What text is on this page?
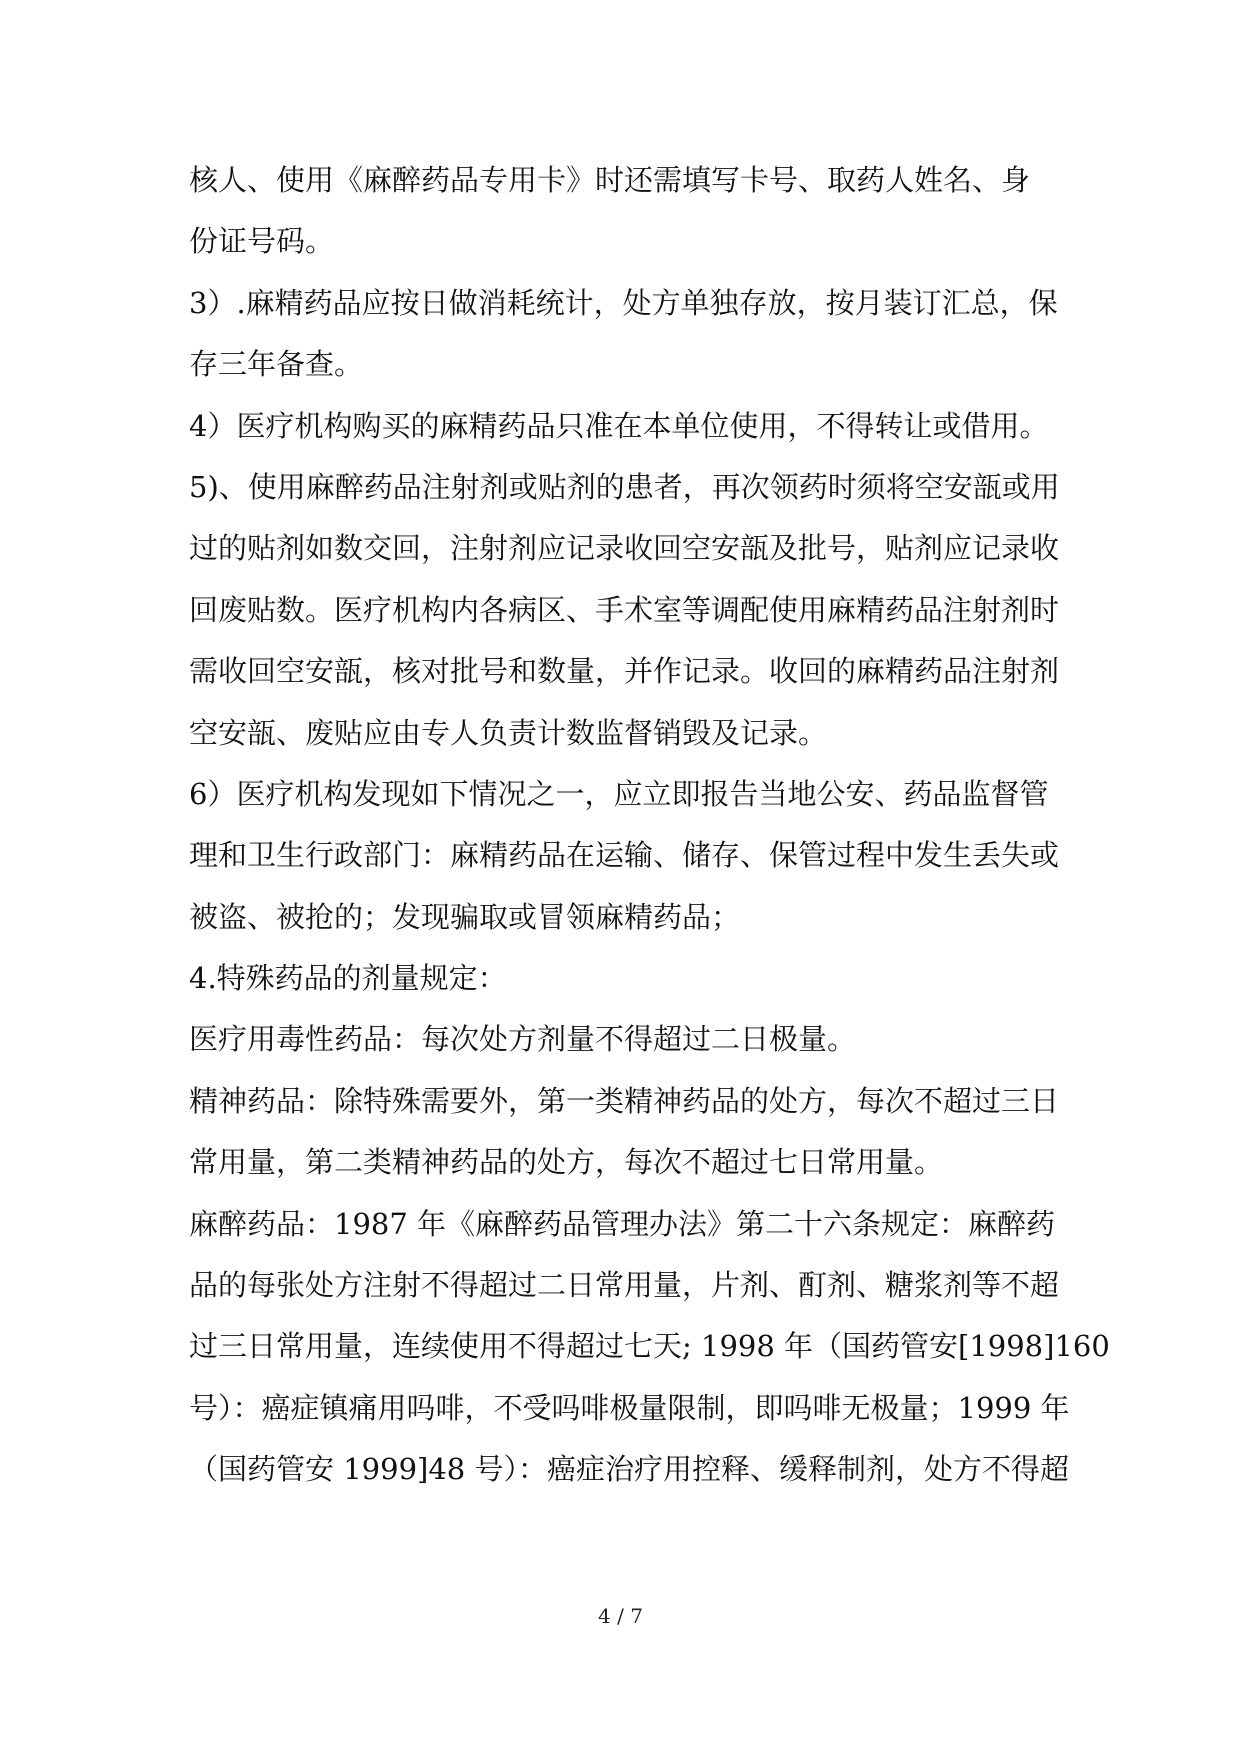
核人、使用《麻醉药品专用卡》时还需填写卡号、取药人姓名、身
份证号码。
3）.麻精药品应按日做消耗统计，处方单独存放，按月装订汇总，保
存三年备查。
4）医疗机构购买的麻精药品只准在本单位使用，不得转让或借用。
5)、使用麻醉药品注射剂或贴剂的患者，再次领药时须将空安瓿或用
过的贴剂如数交回，注射剂应记录收回空安瓿及批号，贴剂应记录收
回废贴数。医疗机构内各病区、手术室等调配使用麻精药品注射剂时
需收回空安瓿，核对批号和数量，并作记录。收回的麻精药品注射剂
空安瓿、废贴应由专人负责计数监督销毁及记录。
6）医疗机构发现如下情况之一，应立即报告当地公安、药品监督管
理和卫生行政部门：麻精药品在运输、储存、保管过程中发生丢失或
被盗、被抢的；发现骗取或冒领麻精药品；
4.特殊药品的剂量规定：
医疗用毒性药品：每次处方剂量不得超过二日极量。
精神药品：除特殊需要外，第一类精神药品的处方，每次不超过三日
常用量，第二类精神药品的处方，每次不超过七日常用量。
麻醉药品：1987 年《麻醉药品管理办法》第二十六条规定：麻醉药
品的每张处方注射不得超过二日常用量，片剂、酊剂、糖浆剂等不超
过三日常用量，连续使用不得超过七天; 1998 年（国药管安[1998]160
号）：癌症镇痛用吗啡，不受吗啡极量限制，即吗啡无极量；1999 年
（国药管安 1999]48 号）：癌症治疗用控释、缓释制剂，处方不得超
4 / 7
